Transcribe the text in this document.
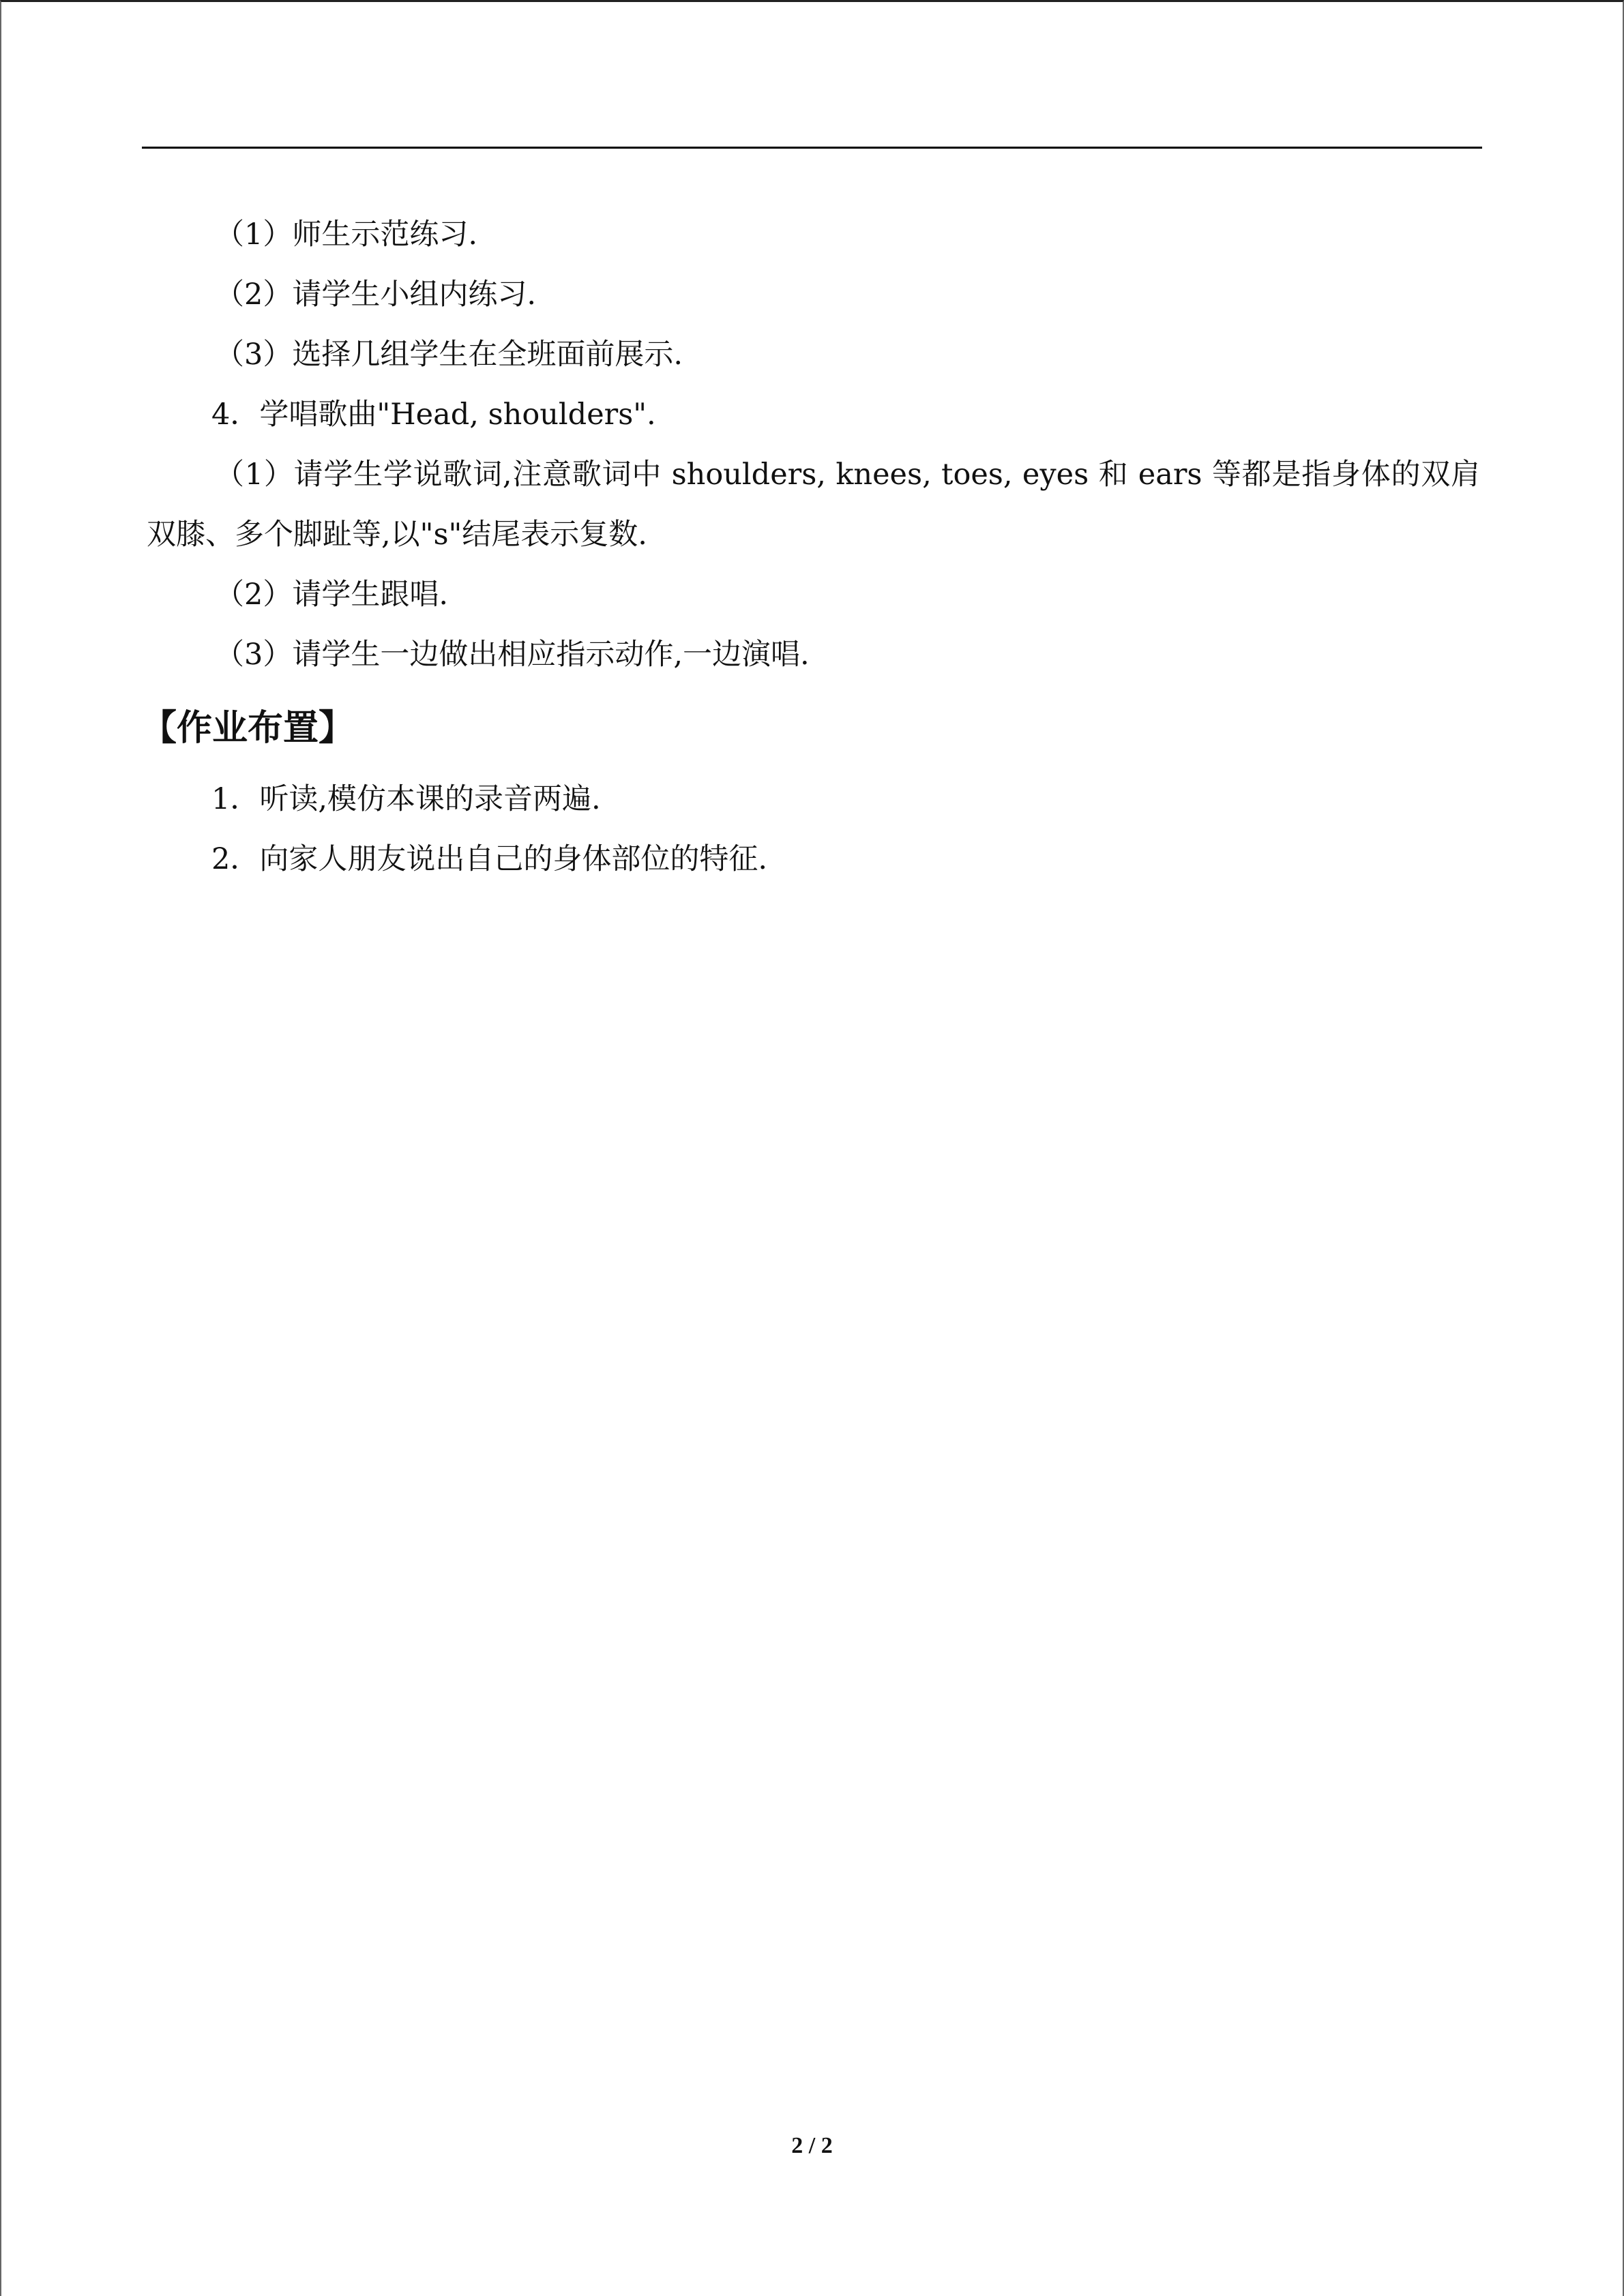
（1）师生示范练习.

（2）请学生小组内练习.

（3）选择几组学生在全班面前展示.

4．学唱歌曲"Head, shoulders".

（1）请学生学说歌词,注意歌词中 shoulders, knees, toes, eyes 和 ears 等都是指身体的双肩双膝、多个脚趾等,以"s"结尾表示复数.

（2）请学生跟唱.

（3）请学生一边做出相应指示动作,一边演唱.

【作业布置】

1．听读,模仿本课的录音两遍.

2．向家人朋友说出自己的身体部位的特征.

2 / 2
